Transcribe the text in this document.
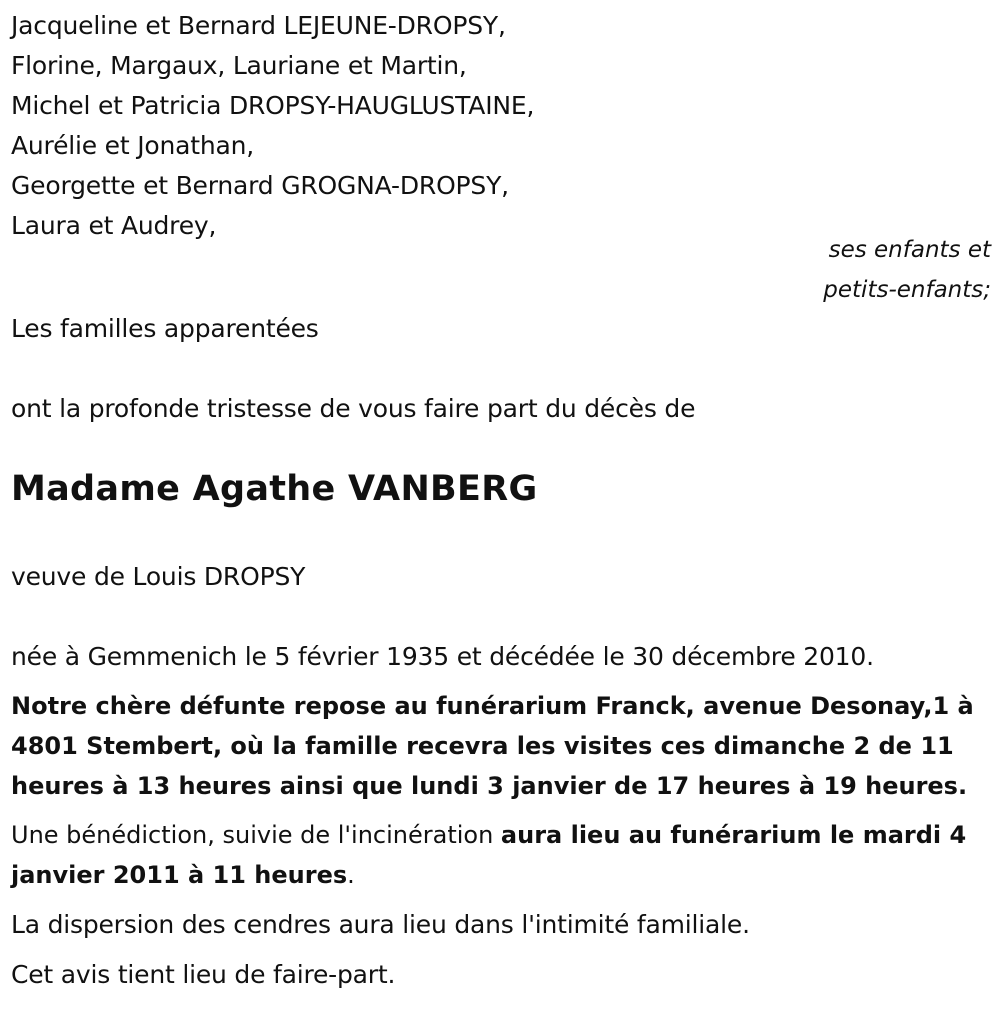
Jacqueline et Bernard LEJEUNE-DROPSY,
Florine, Margaux, Lauriane et Martin,
Michel et Patricia DROPSY-HAUGLUSTAINE,
Aurélie et Jonathan,
Georgette et Bernard GROGNA-DROPSY,
Laura et Audrey,
ses enfants et
petits-enfants;
Les familles apparentées
ont la profonde tristesse de vous faire part du décès de
Madame Agathe VANBERG
veuve de Louis DROPSY
née à Gemmenich le 5 février 1935 et décédée le 30 décembre 2010.
Notre chère défunte repose au funérarium Franck, avenue Desonay,1 à 4801 Stembert, où la famille recevra les visites ces dimanche 2 de 11 heures à 13 heures ainsi que lundi 3 janvier de 17 heures à 19 heures.
Une bénédiction, suivie de l'incinération aura lieu au funérarium le mardi 4 janvier 2011 à 11 heures.
La dispersion des cendres aura lieu dans l'intimité familiale.
Cet avis tient lieu de faire-part.
